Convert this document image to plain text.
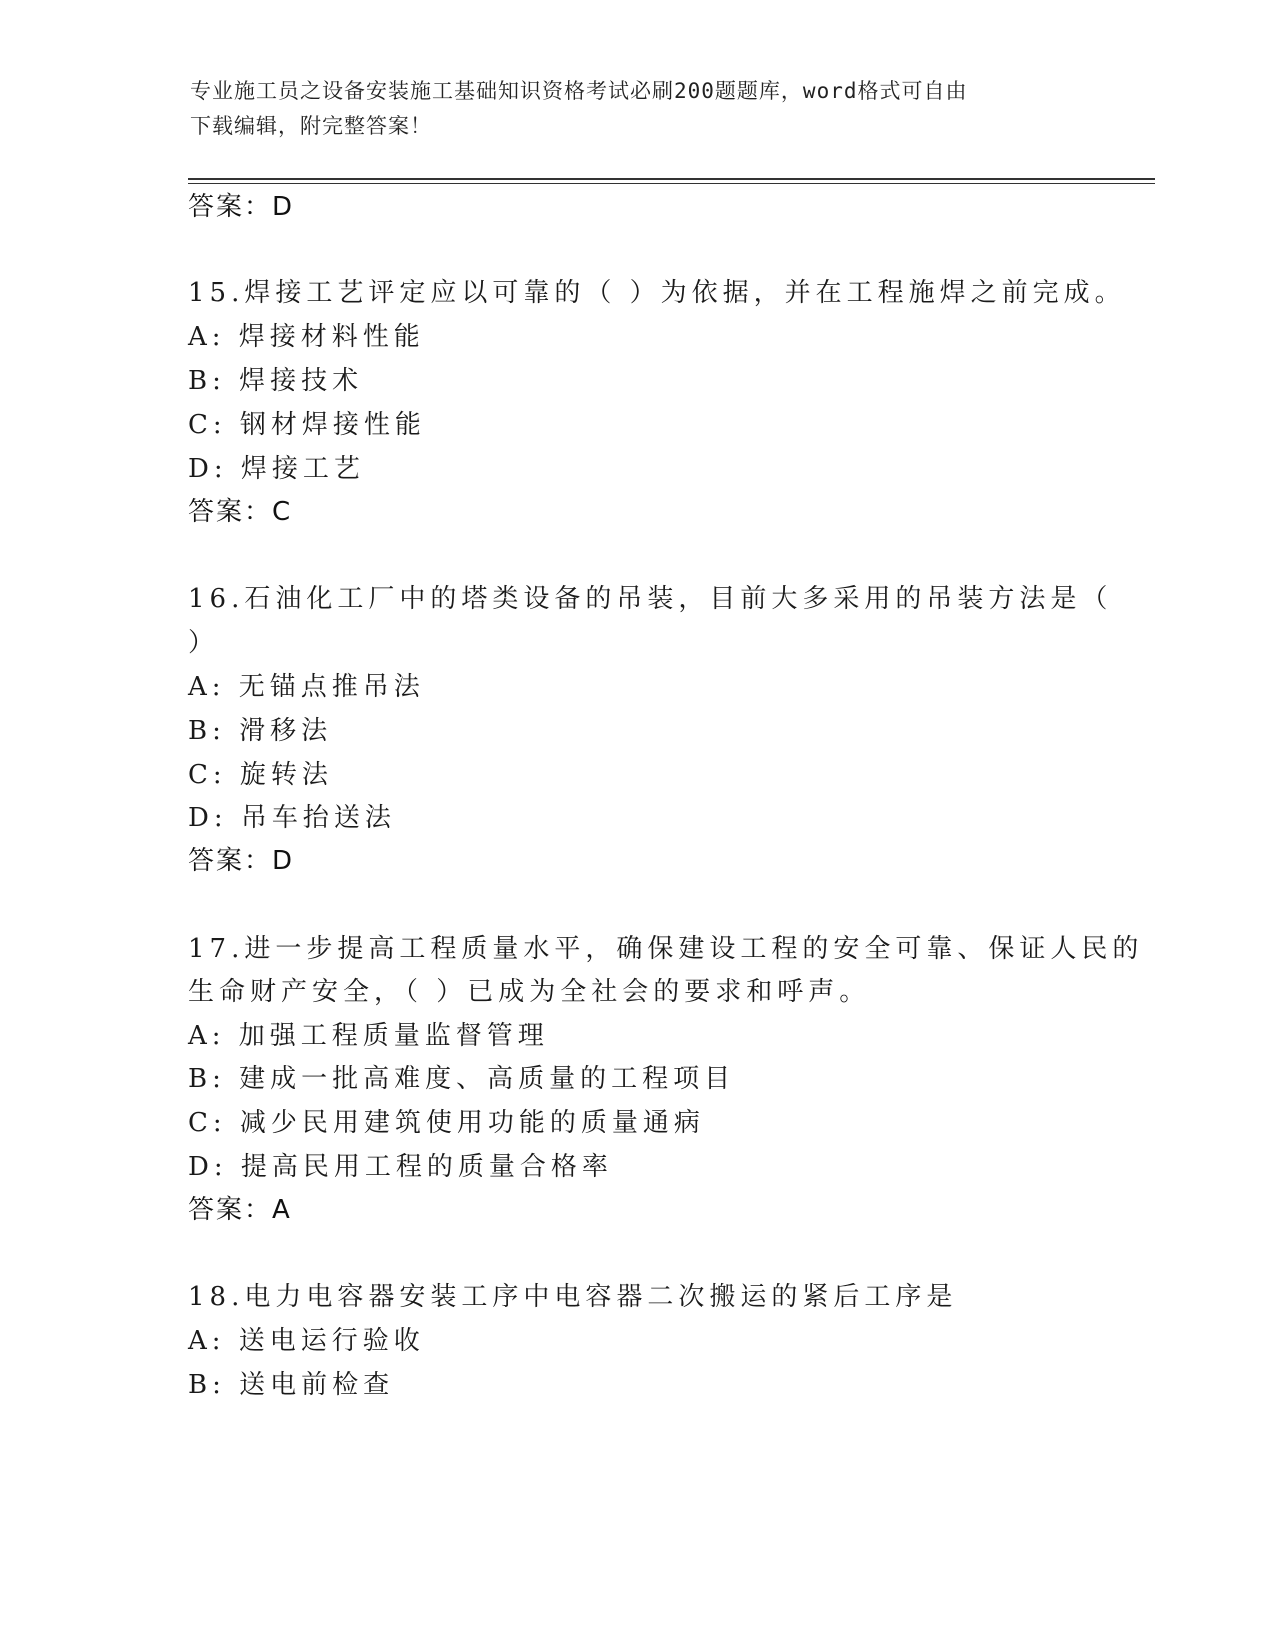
专业施工员之设备安装施工基础知识资格考试必刷200题题库，word格式可自由
下载编辑，附完整答案！
答案：D
15.焊接工艺评定应以可靠的（ ）为依据，并在工程施焊之前完成。
A: 焊接材料性能
B: 焊接技术
C: 钢材焊接性能
D: 焊接工艺
答案：C
16.石油化工厂中的塔类设备的吊装，目前大多采用的吊装方法是（
）
A: 无锚点推吊法
B: 滑移法
C: 旋转法
D: 吊车抬送法
答案：D
17.进一步提高工程质量水平，确保建设工程的安全可靠、保证人民的
生命财产安全，（ ）已成为全社会的要求和呼声。
A: 加强工程质量监督管理
B: 建成一批高难度、高质量的工程项目
C: 减少民用建筑使用功能的质量通病
D: 提高民用工程的质量合格率
答案：A
18.电力电容器安装工序中电容器二次搬运的紧后工序是
A: 送电运行验收
B: 送电前检查
